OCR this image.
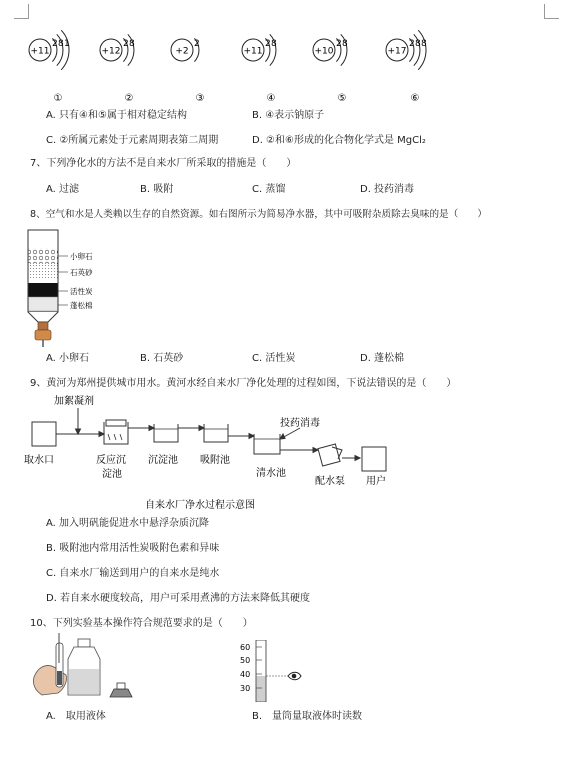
+11
2 8 1
①
+12
2 8
②
+2
2
③
+11
2 8
④
+10
2 8
⑤
+17
2 8 8
⑥
A. 只有④和⑤属于相对稳定结构	B. ④表示钠原子
C. ②所属元素处于元素周期表第二周期	D. ②和⑥形成的化合物化学式是 MgCl₂
7、下列净化水的方法不是自来水厂所采取的措施是（　　）
A. 过滤	B. 吸附	C. 蒸馏	D. 投药消毒
8、空气和水是人类赖以生存的自然资源。如右图所示为简易净水器，其中可吸附杂质除去臭味的是（　　）
小卵石
石英砂
活性炭
蓬松棉
A. 小卵石	B. 石英砂	C. 活性炭	D. 蓬松棉
9、黄河为郑州提供城市用水。黄河水经自来水厂净化处理的过程如图，下说法错误的是（　　）
加絮凝剂
投药消毒
取水口	反应沉
淀池
沉淀池 吸附池
清水池
配水泵 用户
自来水厂净水过程示意图
A. 加入明矾能促进水中悬浮杂质沉降
B. 吸附池内常用活性炭吸附色素和异味
C. 自来水厂输送到用户的自来水是纯水
D. 若自来水硬度较高，用户可采用煮沸的方法来降低其硬度
10、下列实验基本操作符合规范要求的是（　　）
A.　取用液体
60
50
40
30
B.　量筒量取液体时读数
